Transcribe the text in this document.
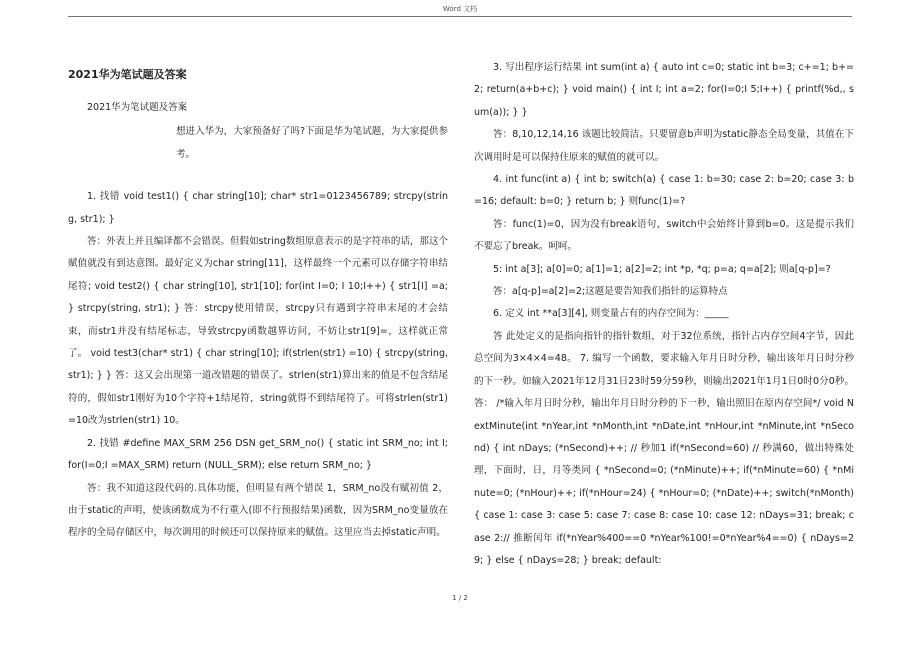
Word 文档
2021华为笔试题及答案

2021华为笔试题及答案

想进入华为，大家预备好了吗?下面是华为笔试题，为大家提供参考。

1. 找错 void test1() { char string[10]; char* str1=0123456789; strcpy(string, str1); }

答：外表上并且编译都不会错误。但假如string数组原意表示的是字符串的话，那这个赋值就没有到达意图。最好定义为char string[11]，这样最终一个元素可以存储字符串结尾符; void test2() { char string[10], str1[10]; for(int I=0; I 10;I++) { str1[I] =a; } strcpy(string, str1); } 答：strcpy使用错误，strcpy只有遇到字符串末尾的才会结束，而str1并没有结尾标志，导致strcpy函数越界访问，不妨让str1[9]=，这样就正常了。 void test3(char* str1) { char string[10]; if(strlen(str1) =10) { strcpy(string, str1); } } 答：这又会出现第一道改错题的错误了。strlen(str1)算出来的值是不包含结尾符的，假如str1刚好为10个字符+1结尾符，string就得不到结尾符了。可将strlen(str1) =10改为strlen(str1) 10。

2. 找错 #define MAX_SRM 256 DSN get_SRM_no() { static int SRM_no; int I; for(I=0;I =MAX_SRM) return (NULL_SRM); else return SRM_no; }

答：我不知道这段代码的.具体功能，但明显有两个错误 1，SRM_no没有赋初值 2，由于static的声明，使该函数成为不行重入(即不行预报结果)函数，因为SRM_no变量放在程序的全局存储区中，每次调用的时候还可以保持原来的赋值。这里应当去掉static声明。

3. 写出程序运行结果 int sum(int a) { auto int c=0; static int b=3; c+=1; b+=2; return(a+b+c); } void main() { int I; int a=2; for(I=0;I 5;I++) { printf(%d,, sum(a)); } }

答：8,10,12,14,16 该题比较简洁。只要留意b声明为static静态全局变量，其值在下次调用时是可以保持住原来的赋值的就可以。

4. int func(int a) { int b; switch(a) { case 1: b=30; case 2: b=20; case 3: b=16; default: b=0; } return b; } 则func(1)=?

答：func(1)=0，因为没有break语句，switch中会始终计算到b=0。这是提示我们不要忘了break。呵呵。

5: int a[3]; a[0]=0; a[1]=1; a[2]=2; int *p, *q; p=a; q=a[2]; 则a[q-p]=?

答：a[q-p]=a[2]=2;这题是要告知我们指针的运算特点

6. 定义 int **a[3][4], 则变量占有的内存空间为：_____

答 此处定义的是指向指针的指针数组，对于32位系统，指针占内存空间4字节，因此总空间为3×4×4=48。 7. 编写一个函数，要求输入年月日时分秒，输出该年月日时分秒的下一秒。如输入2021年12月31日23时59分59秒，则输出2021年1月1日0时0分0秒。 答： /*输入年月日时分秒，输出年月日时分秒的下一秒，输出照旧在原内存空间*/ void NextMinute(int *nYear,int *nMonth,int *nDate,int *nHour,int *nMinute,int *nSecond) { int nDays; (*nSecond)++; // 秒加1 if(*nSecond=60) // 秒满60，做出特殊处理，下面时，日，月等类同 { *nSecond=0; (*nMinute)++; if(*nMinute=60) { *nMinute=0; (*nHour)++; if(*nHour=24) { *nHour=0; (*nDate)++; switch(*nMonth) { case 1: case 3: case 5: case 7: case 8: case 10: case 12: nDays=31; break; case 2:// 推断闰年 if(*nYear%400==0 *nYear%100!=0*nYear%4==0) { nDays=29; } else { nDays=28; } break; default:

1 / 2
